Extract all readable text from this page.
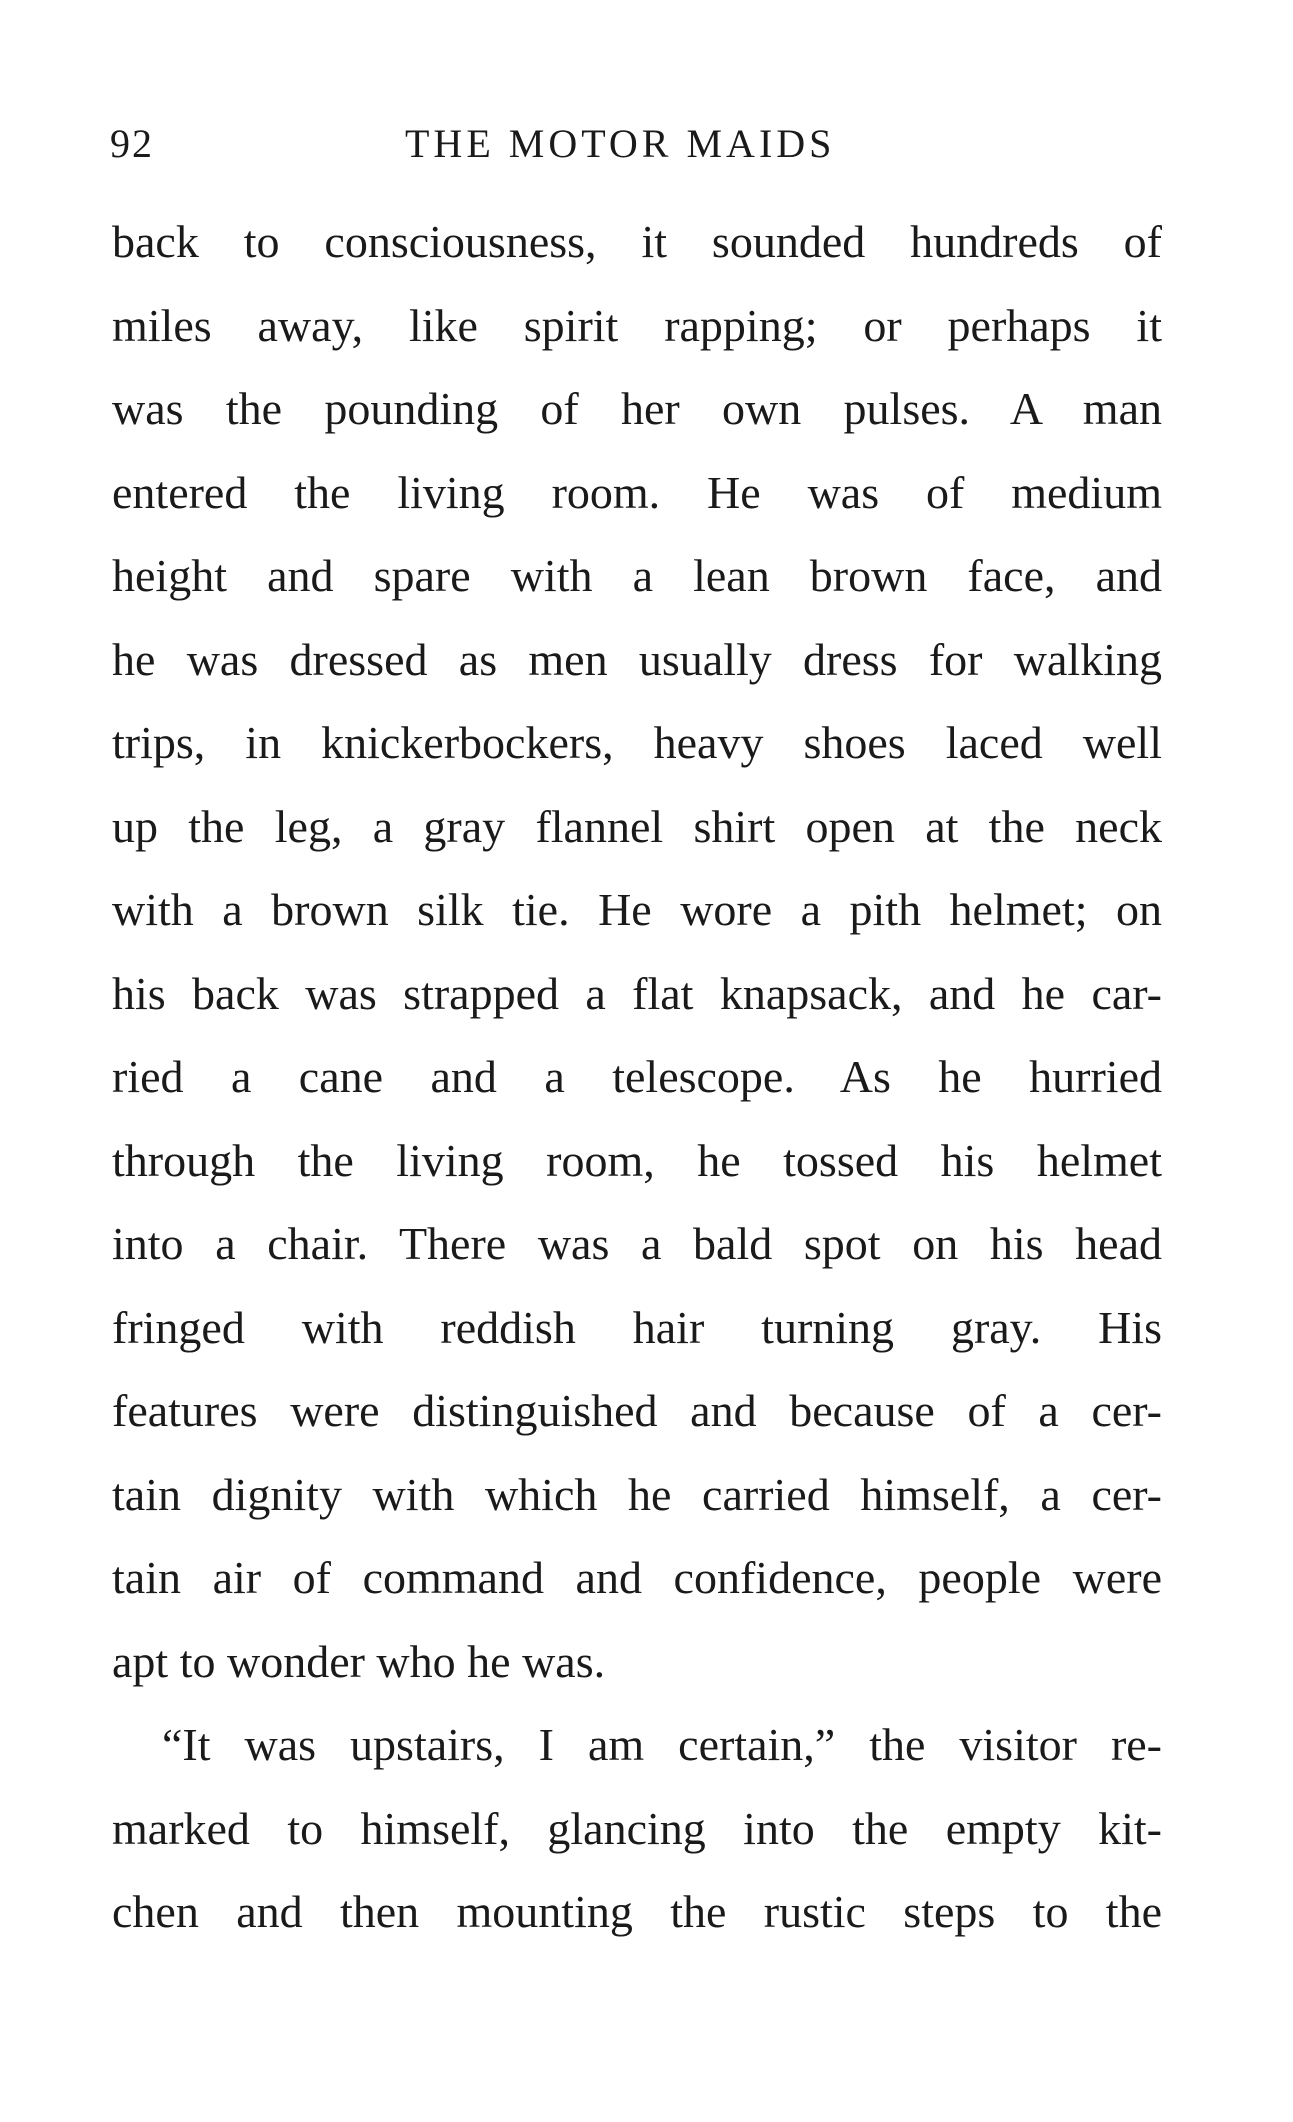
92	THE MOTOR MAIDS

back to consciousness, it sounded hundreds of
miles away, like spirit rapping; or perhaps it
was the pounding of her own pulses. A man
entered the living room. He was of medium
height and spare with a lean brown face, and
he was dressed as men usually dress for walking
trips, in knickerbockers, heavy shoes laced well
up the leg, a gray flannel shirt open at the neck
with a brown silk tie. He wore a pith helmet; on
his back was strapped a flat knapsack, and he car-
ried a cane and a telescope. As he hurried
through the living room, he tossed his helmet
into a chair. There was a bald spot on his head
fringed with reddish hair turning gray. His
features were distinguished and because of a cer-
tain dignity with which he carried himself, a cer-
tain air of command and confidence, people were
apt to wonder who he was.

“It was upstairs, I am certain,” the visitor re-
marked to himself, glancing into the empty kit-
chen and then mounting the rustic steps to the
